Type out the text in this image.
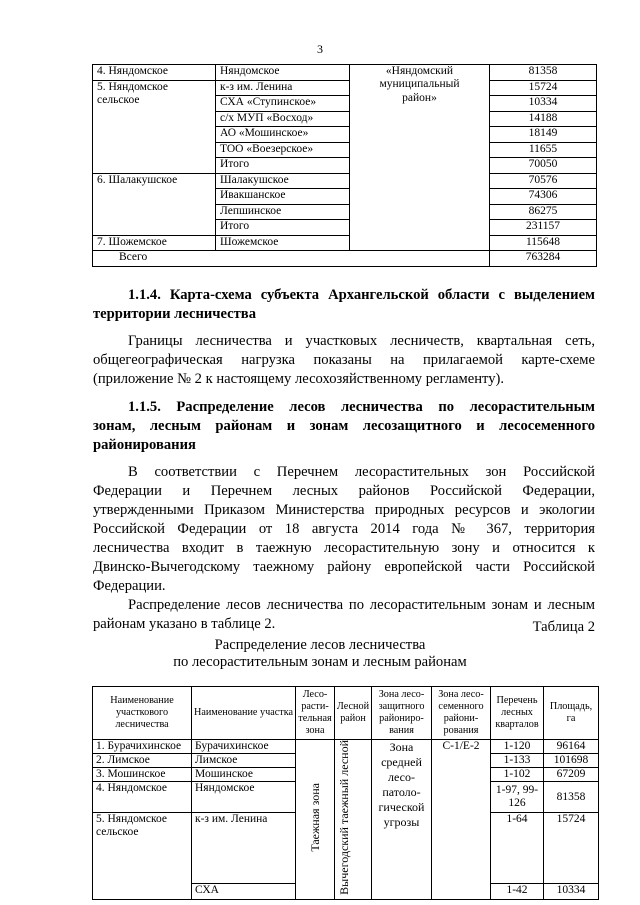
3
4. Няндомское	Няндомское	«Няндомский
муниципальный
район»	81358
5. Няндомское
сельское	к-з им. Ленина		15724
	СХА «Ступинское»		10334
	с/х МУП «Восход»		14188
	АО «Мошинское»		18149
	ТОО «Воезерское»		11655
	Итого		70050
6. Шалакушское	Шалакушское		70576
	Ивакшанское		74306
	Лепшинское		86275
	Итого		231157
7. Шожемское	Шожемское		115648
Всего			763284

1.1.4. Карта-схема субъекта Архангельской области с выделением

территории лесничества

Границы лесничества и участковых лесничеств, квартальная сеть,

общегеографическая нагрузка показаны на прилагаемой карте-схеме

(приложение № 2 к настоящему лесохозяйственному регламенту).

1.1.5. Распределение лесов лесничества по лесорастительным

зонам, лесным районам и зонам лесозащитного и лесосеменного

районирования

В соответствии с Перечнем лесорастительных зон Российской

Федерации и Перечнем лесных районов Российской Федерации,

утвержденными Приказом Министерства природных ресурсов и экологии

Российской Федерации от 18 августа 2014 года № 367, территория

лесничества входит в таежную лесорастительную зону и относится к

Двинско-Вычегодскому таежному району европейской части Российской

Федерации.

Распределение лесов лесничества по лесорастительным зонам и лесным

районам указано в таблице 2.	Таблица 2
Распределение лесов лесничества
по лесорастительным зонам и лесным районам
Наименование участкового лесничества	Наименование участка	Лесо-расти-тельная зона	Лесной район	Зона лесо-защитного райониро-вания	Зона лесо-семенного райони-рования	Перечень лесных кварталов	Площадь, га
1. Бурачихинское	Бурачихинское	Таежная зона	Вычегодский таежный лесной	Зона средней лесо-патоло-гической угрозы	С-1/Е-2	1-120	96164
2. Лимское	Лимское					1-133	101698
3. Мошинское	Мошинское					1-102	67209
4. Няндомское	Няндомское					1-97, 99-126	81358
5. Няндомское
сельское	к-з им. Ленина					1-64	15724
	СХА					1-42	10334
